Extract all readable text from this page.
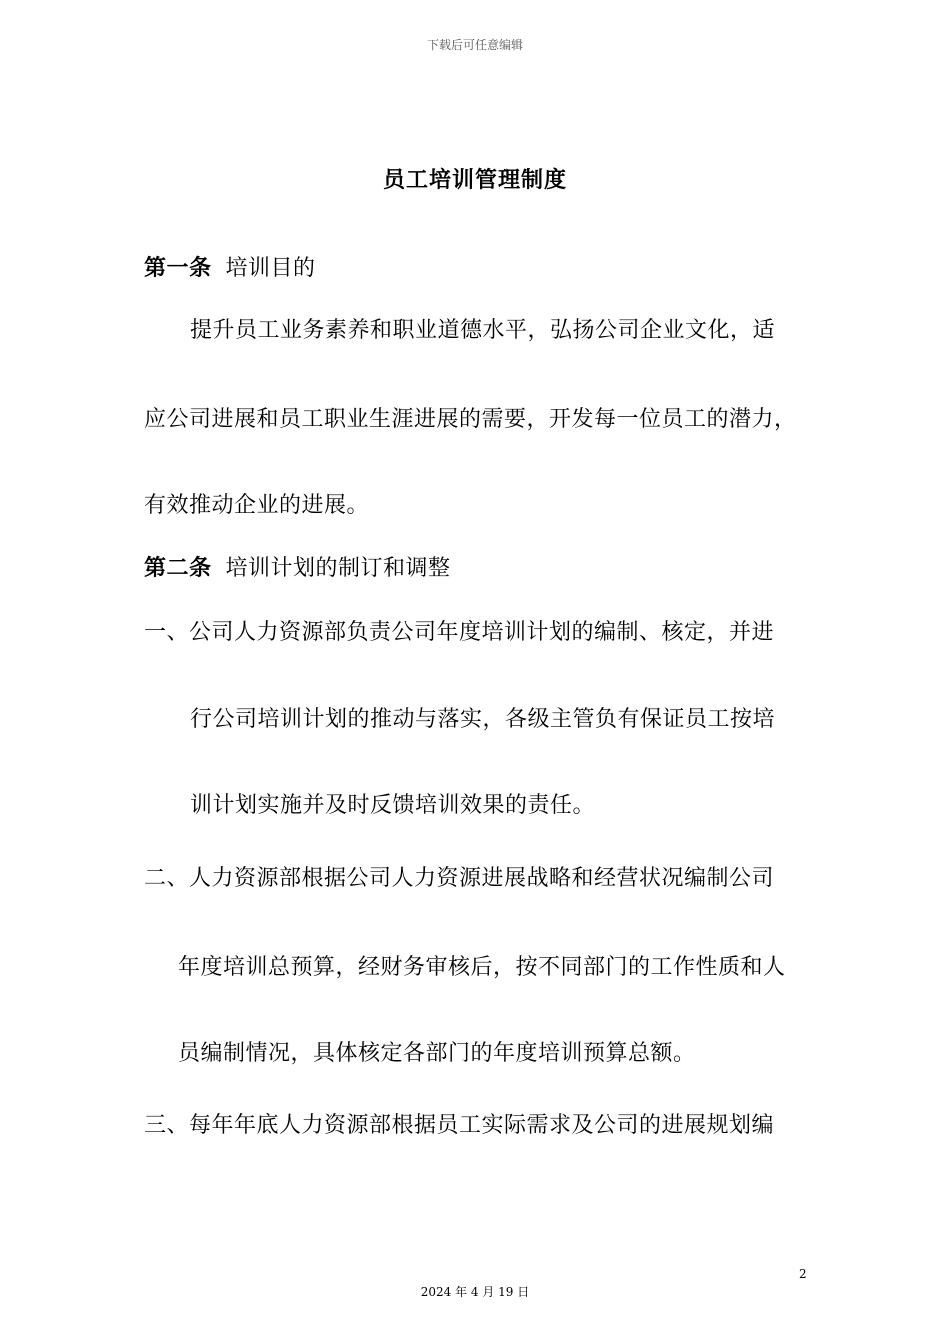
下载后可任意编辑
员工培训管理制度
第一条 培训目的
提升员工业务素养和职业道德水平，弘扬公司企业文化，适
应公司进展和员工职业生涯进展的需要，开发每一位员工的潜力，
有效推动企业的进展。
第二条 培训计划的制订和调整
一、公司人力资源部负责公司年度培训计划的编制、核定，并进
行公司培训计划的推动与落实，各级主管负有保证员工按培
训计划实施并及时反馈培训效果的责任。
二、人力资源部根据公司人力资源进展战略和经营状况编制公司
年度培训总预算，经财务审核后，按不同部门的工作性质和人
员编制情况，具体核定各部门的年度培训预算总额。
三、每年年底人力资源部根据员工实际需求及公司的进展规划编
2
2024 年 4 月 19 日
